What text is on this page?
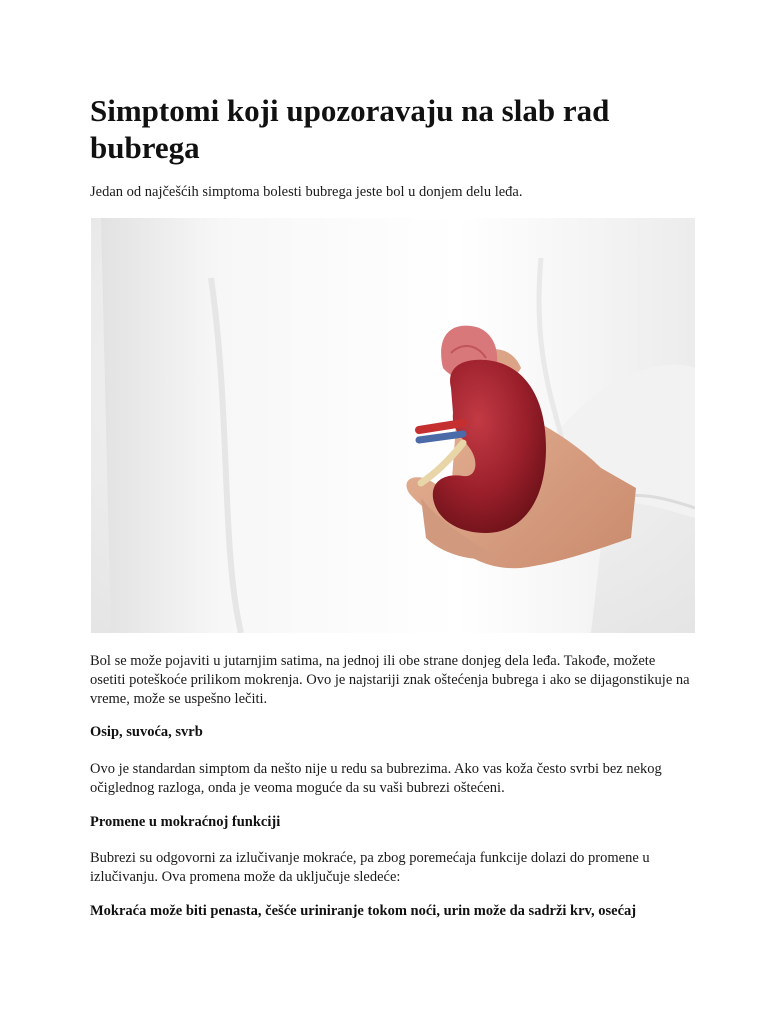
Simptomi koji upozoravaju na slab rad bubrega

Jedan od najčešćih simptoma bolesti bubrega jeste bol u donjem delu leđa.

Bol se može pojaviti u jutarnjim satima, na jednoj ili obe strane donjeg dela leđa. Takođe, možete osetiti poteškoće prilikom mokrenja. Ovo je najstariji znak oštećenja bubrega i ako se dijagonstikuje na vreme, može se uspešno lečiti.

Osip, suvoća, svrb

Ovo je standardan simptom da nešto nije u redu sa bubrezima. Ako vas koža često svrbi bez nekog očiglednog razloga, onda je veoma moguće da su vaši bubrezi oštećeni.

Promene u mokraćnoj funkciji

Bubrezi su odgovorni za izlučivanje mokraće, pa zbog poremećaja funkcije dolazi do promene u izlučivanju. Ova promena može da uključuje sledeće:

Mokraća može biti penasta, češće uriniranje tokom noći, urin može da sadrži krv, osećaj
